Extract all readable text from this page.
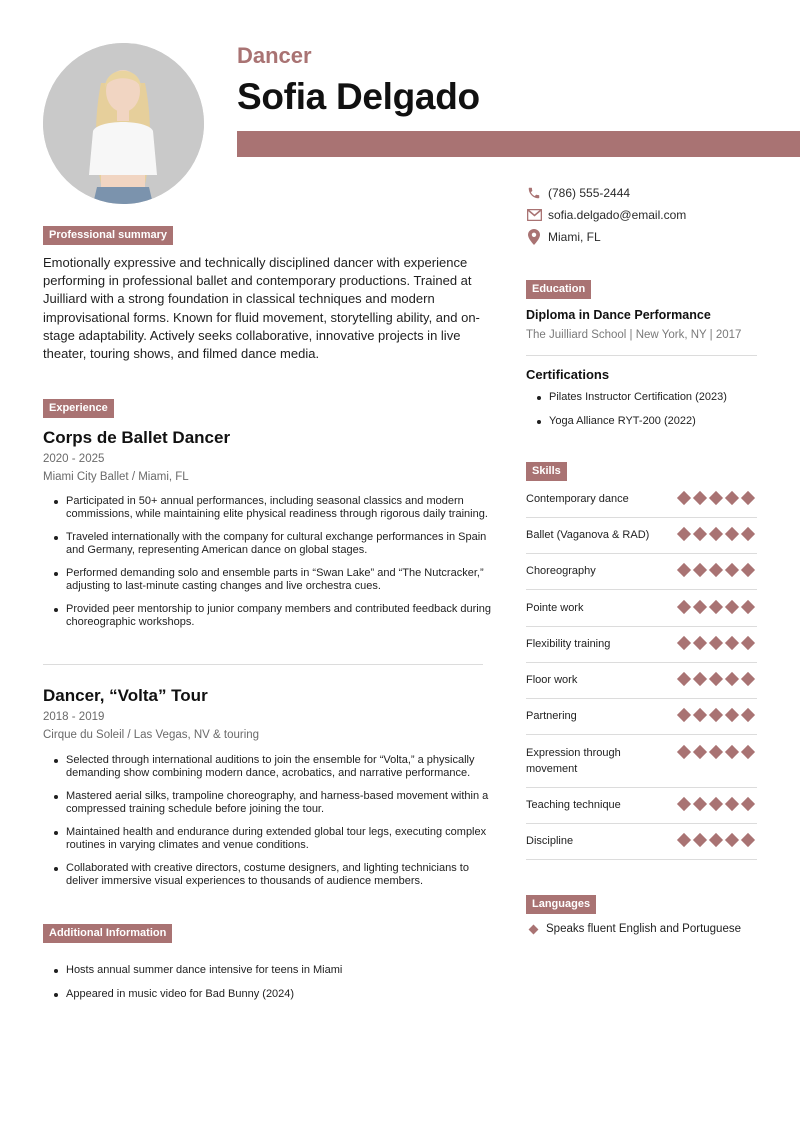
Dancer
Sofia Delgado
(786) 555-2444
sofia.delgado@email.com
Miami, FL
Professional summary
Emotionally expressive and technically disciplined dancer with experience performing in professional ballet and contemporary productions. Trained at Juilliard with a strong foundation in classical techniques and modern improvisational forms. Known for fluid movement, storytelling ability, and on-stage adaptability. Actively seeks collaborative, innovative projects in live theater, touring shows, and filmed dance media.
Experience
Corps de Ballet Dancer
2020 - 2025
Miami City Ballet / Miami, FL
Participated in 50+ annual performances, including seasonal classics and modern commissions, while maintaining elite physical readiness through rigorous daily training.
Traveled internationally with the company for cultural exchange performances in Spain and Germany, representing American dance on global stages.
Performed demanding solo and ensemble parts in “Swan Lake” and “The Nutcracker,” adjusting to last-minute casting changes and live orchestra cues.
Provided peer mentorship to junior company members and contributed feedback during choreographic workshops.
Dancer, “Volta” Tour
2018 - 2019
Cirque du Soleil / Las Vegas, NV & touring
Selected through international auditions to join the ensemble for “Volta,” a physically demanding show combining modern dance, acrobatics, and narrative performance.
Mastered aerial silks, trampoline choreography, and harness-based movement within a compressed training schedule before joining the tour.
Maintained health and endurance during extended global tour legs, executing complex routines in varying climates and venue conditions.
Collaborated with creative directors, costume designers, and lighting technicians to deliver immersive visual experiences to thousands of audience members.
Additional Information
Hosts annual summer dance intensive for teens in Miami
Appeared in music video for Bad Bunny (2024)
Education
Diploma in Dance Performance
The Juilliard School | New York, NY | 2017
Certifications
Pilates Instructor Certification (2023)
Yoga Alliance RYT-200 (2022)
Skills
Contemporary dance
Ballet (Vaganova & RAD)
Choreography
Pointe work
Flexibility training
Floor work
Partnering
Expression through movement
Teaching technique
Discipline
Languages
Speaks fluent English and Portuguese
